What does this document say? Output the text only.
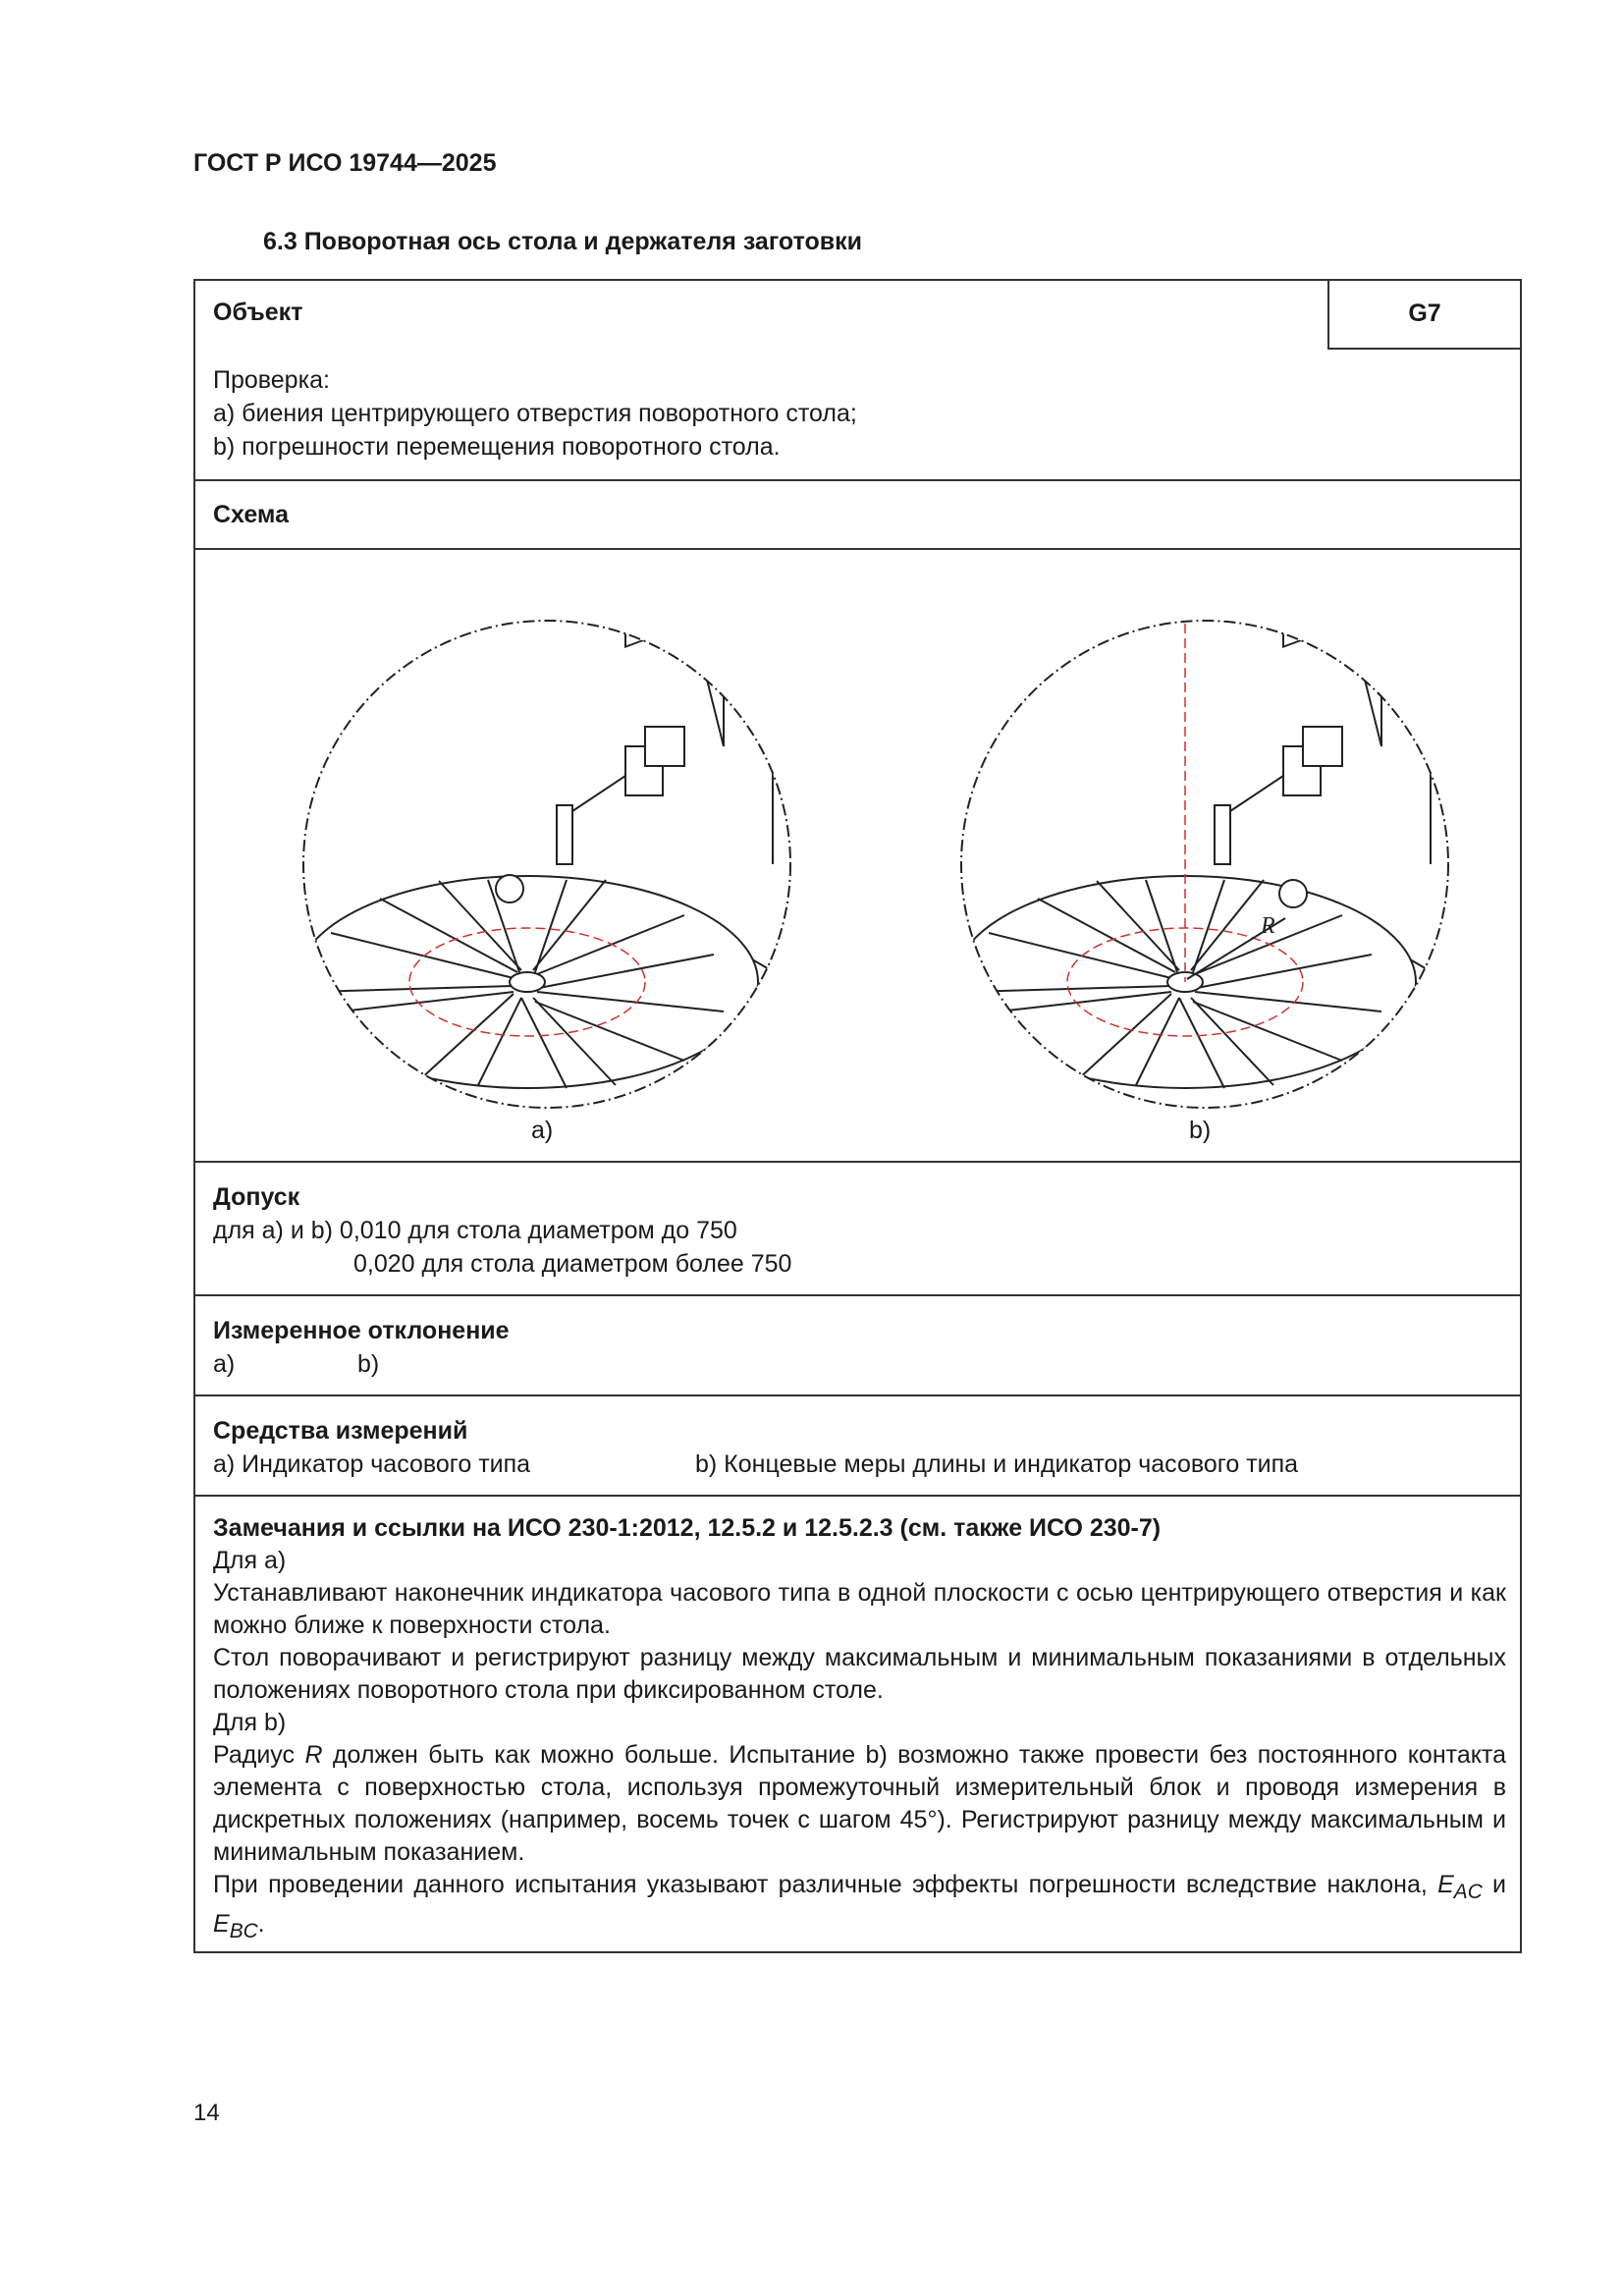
ГОСТ Р ИСО 19744—2025
6.3 Поворотная ось стола и держателя заготовки
Объект	G7
Проверка:
a) биения центрирующего отверстия поворотного стола;
b) погрешности перемещения поворотного стола.
Схема
R
a)	b)
Допуск
для a) и b) 0,010 для стола диаметром до 750
0,020 для стола диаметром более 750
Измеренное отклонение
a)	b)
Средства измерений
a) Индикатор часового типа	b) Концевые меры длины и индикатор часового типа

Замечания и ссылки на ИСО 230-1:2012, 12.5.2 и 12.5.2.3 (см. также ИСО 230-7)

Для a)

Устанавливают наконечник индикатора часового типа в одной плоскости с осью центрирующего отверстия и как можно ближе к поверхности стола.

Стол поворачивают и регистрируют разницу между максимальным и минимальным показаниями в отдельных положениях поворотного стола при фиксированном столе.

Для b)

Радиус R должен быть как можно больше. Испытание b) возможно также провести без постоянного контакта элемента с поверхностью стола, используя промежуточный измерительный блок и проводя измерения в дискретных положениях (например, восемь точек с шагом 45°). Регистрируют разницу между максимальным и минимальным показанием.

При проведении данного испытания указывают различные эффекты погрешности вследствие наклона, $E_{AC}$ и $E_{BC}$.

14
